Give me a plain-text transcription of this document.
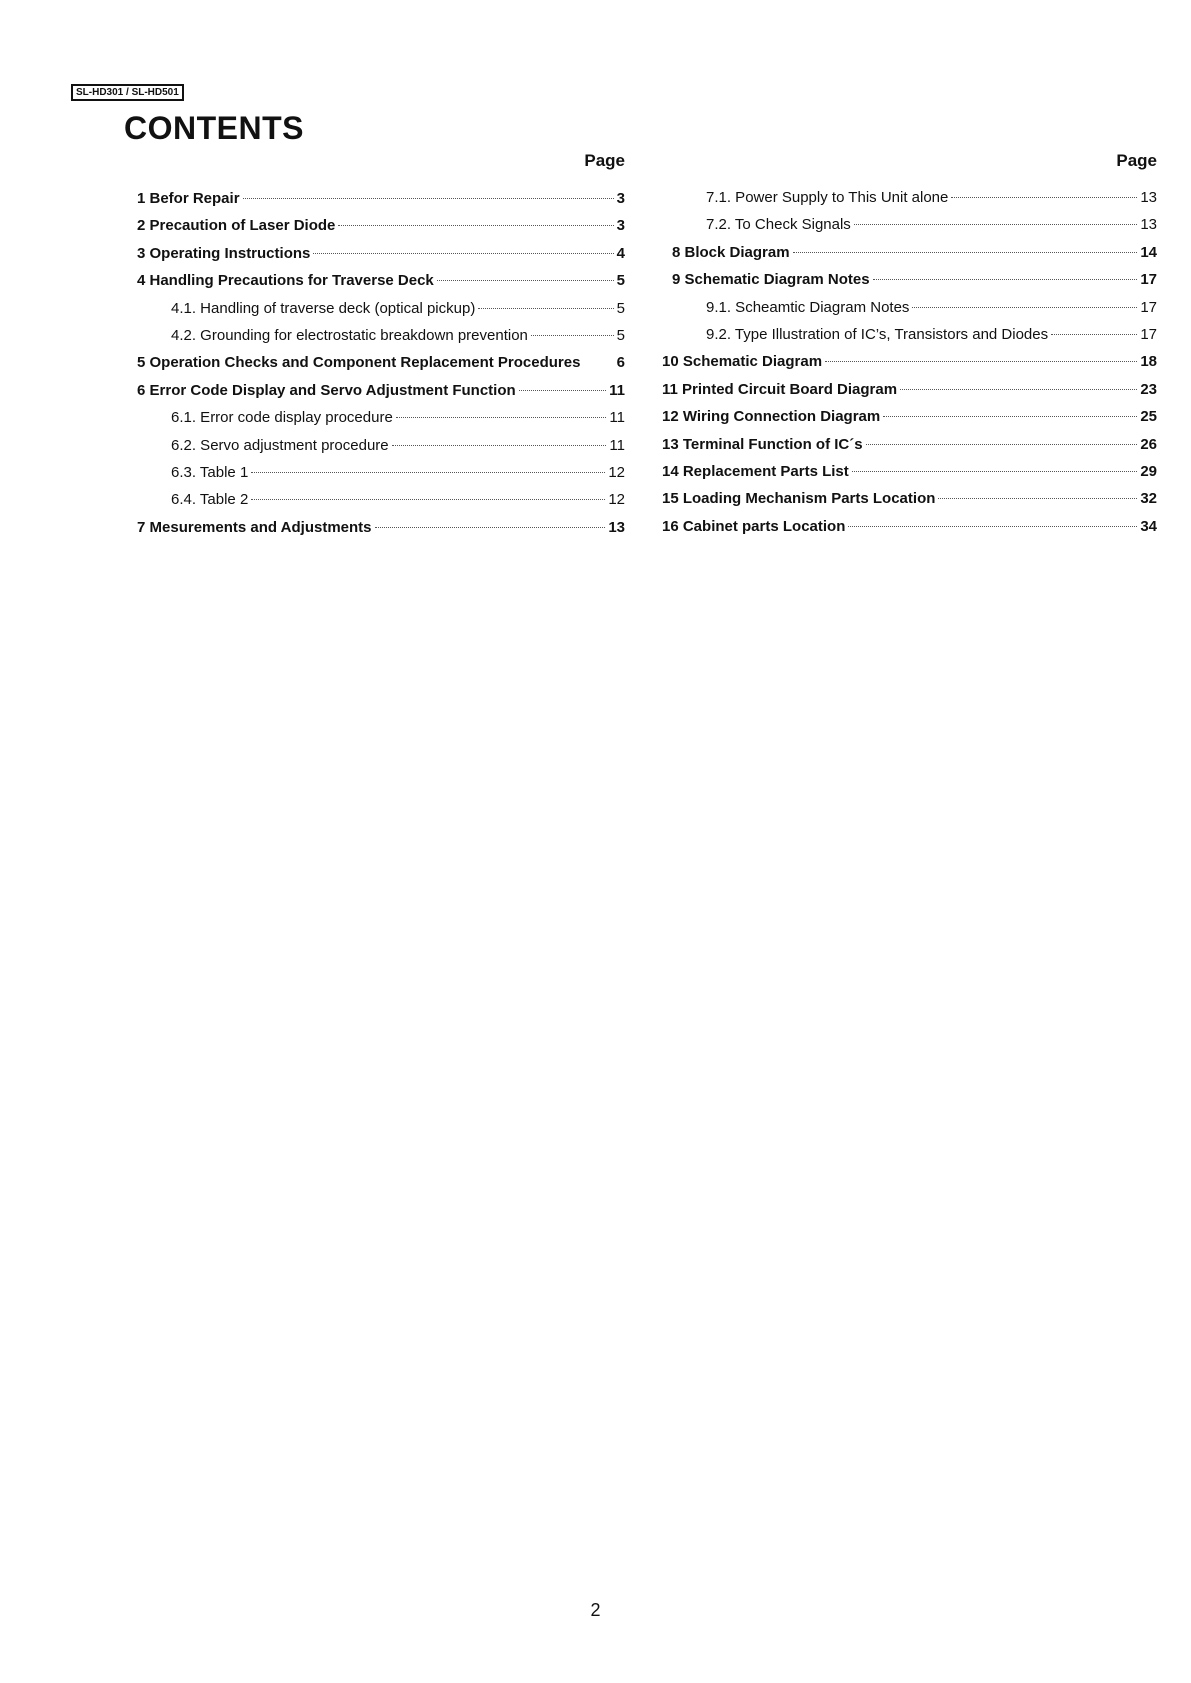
SL-HD301 / SL-HD501
CONTENTS
Page
1 Befor Repair	3
2 Precaution of Laser Diode	3
3 Operating Instructions	4
4 Handling Precautions for Traverse Deck	5
4.1. Handling of traverse deck (optical pickup)	5
4.2. Grounding for electrostatic breakdown prevention	5
5 Operation Checks and Component Replacement Procedures 6
6 Error Code Display and Servo Adjustment Function	11
6.1. Error code display procedure	11
6.2. Servo adjustment procedure	11
6.3. Table 1	12
6.4. Table 2	12
7 Mesurements and Adjustments	13
Page
7.1. Power Supply to This Unit alone	13
7.2. To Check Signals	13
8 Block Diagram	14
9 Schematic Diagram Notes	17
9.1. Scheamtic Diagram Notes	17
9.2. Type Illustration of IC’s, Transistors and Diodes	17
10 Schematic Diagram	18
11 Printed Circuit Board Diagram	23
12 Wiring Connection Diagram	25
13 Terminal Function of IC´s	26
14 Replacement Parts List	29
15 Loading Mechanism Parts Location	32
16 Cabinet parts Location	34
2
